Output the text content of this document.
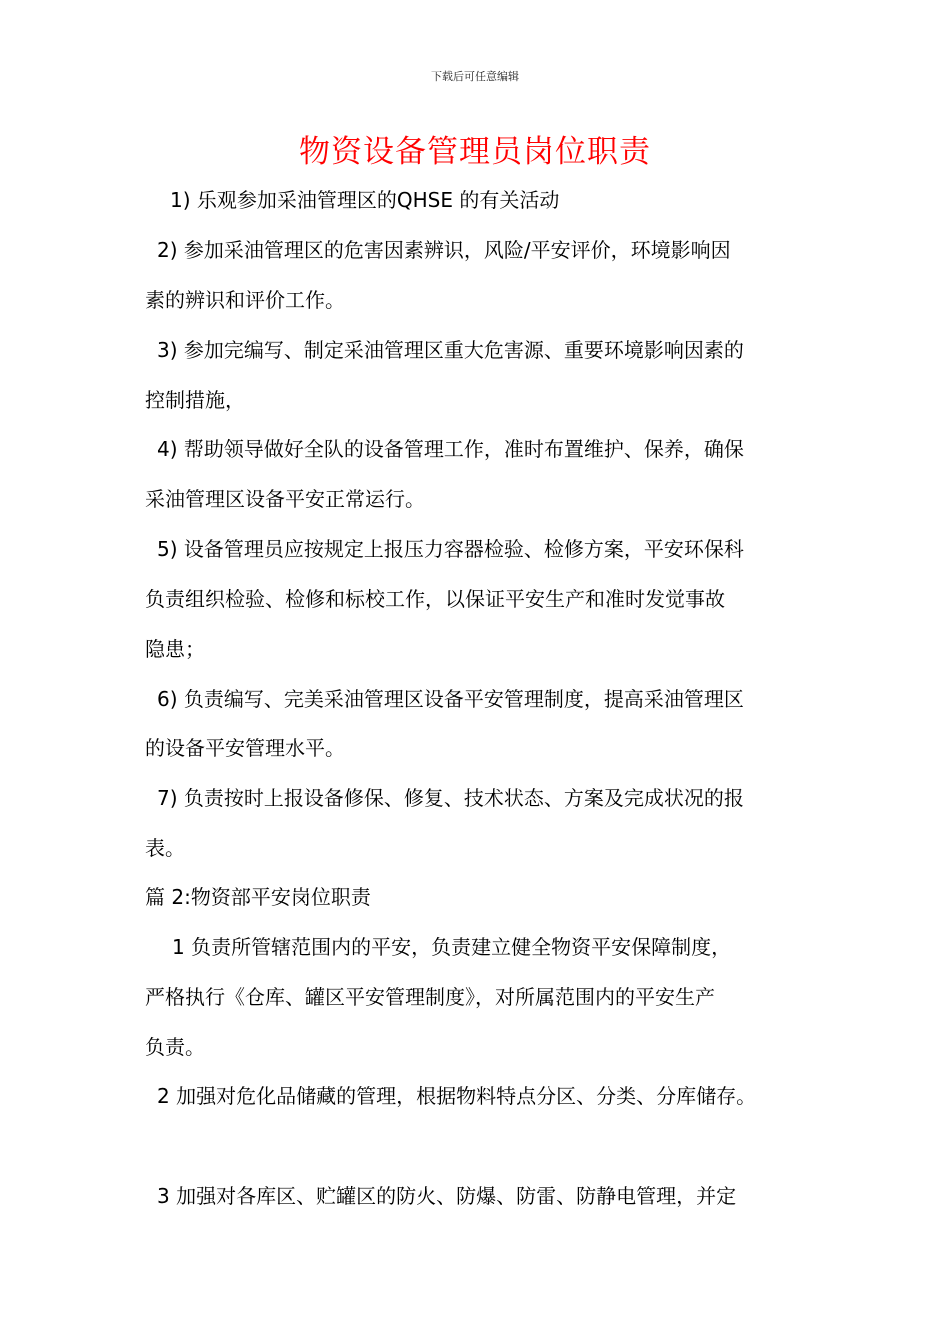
下载后可任意编辑
物资设备管理员岗位职责
1) 乐观参加采油管理区的QHSE 的有关活动
2) 参加采油管理区的危害因素辨识，风险/平安评价，环境影响因
素的辨识和评价工作。
3) 参加完编写、制定采油管理区重大危害源、重要环境影响因素的
控制措施，
4) 帮助领导做好全队的设备管理工作，准时布置维护、保养，确保
采油管理区设备平安正常运行。
5) 设备管理员应按规定上报压力容器检验、检修方案，平安环保科
负责组织检验、检修和标校工作，以保证平安生产和准时发觉事故
隐患；
6) 负责编写、完美采油管理区设备平安管理制度，提高采油管理区
的设备平安管理水平。
7) 负责按时上报设备修保、修复、技术状态、方案及完成状况的报
表。
篇 2:物资部平安岗位职责
1 负责所管辖范围内的平安，负责建立健全物资平安保障制度，
严格执行《仓库、罐区平安管理制度》，对所属范围内的平安生产
负责。
2 加强对危化品储藏的管理，根据物料特点分区、分类、分库储存。
3 加强对各库区、贮罐区的防火、防爆、防雷、防静电管理，并定
